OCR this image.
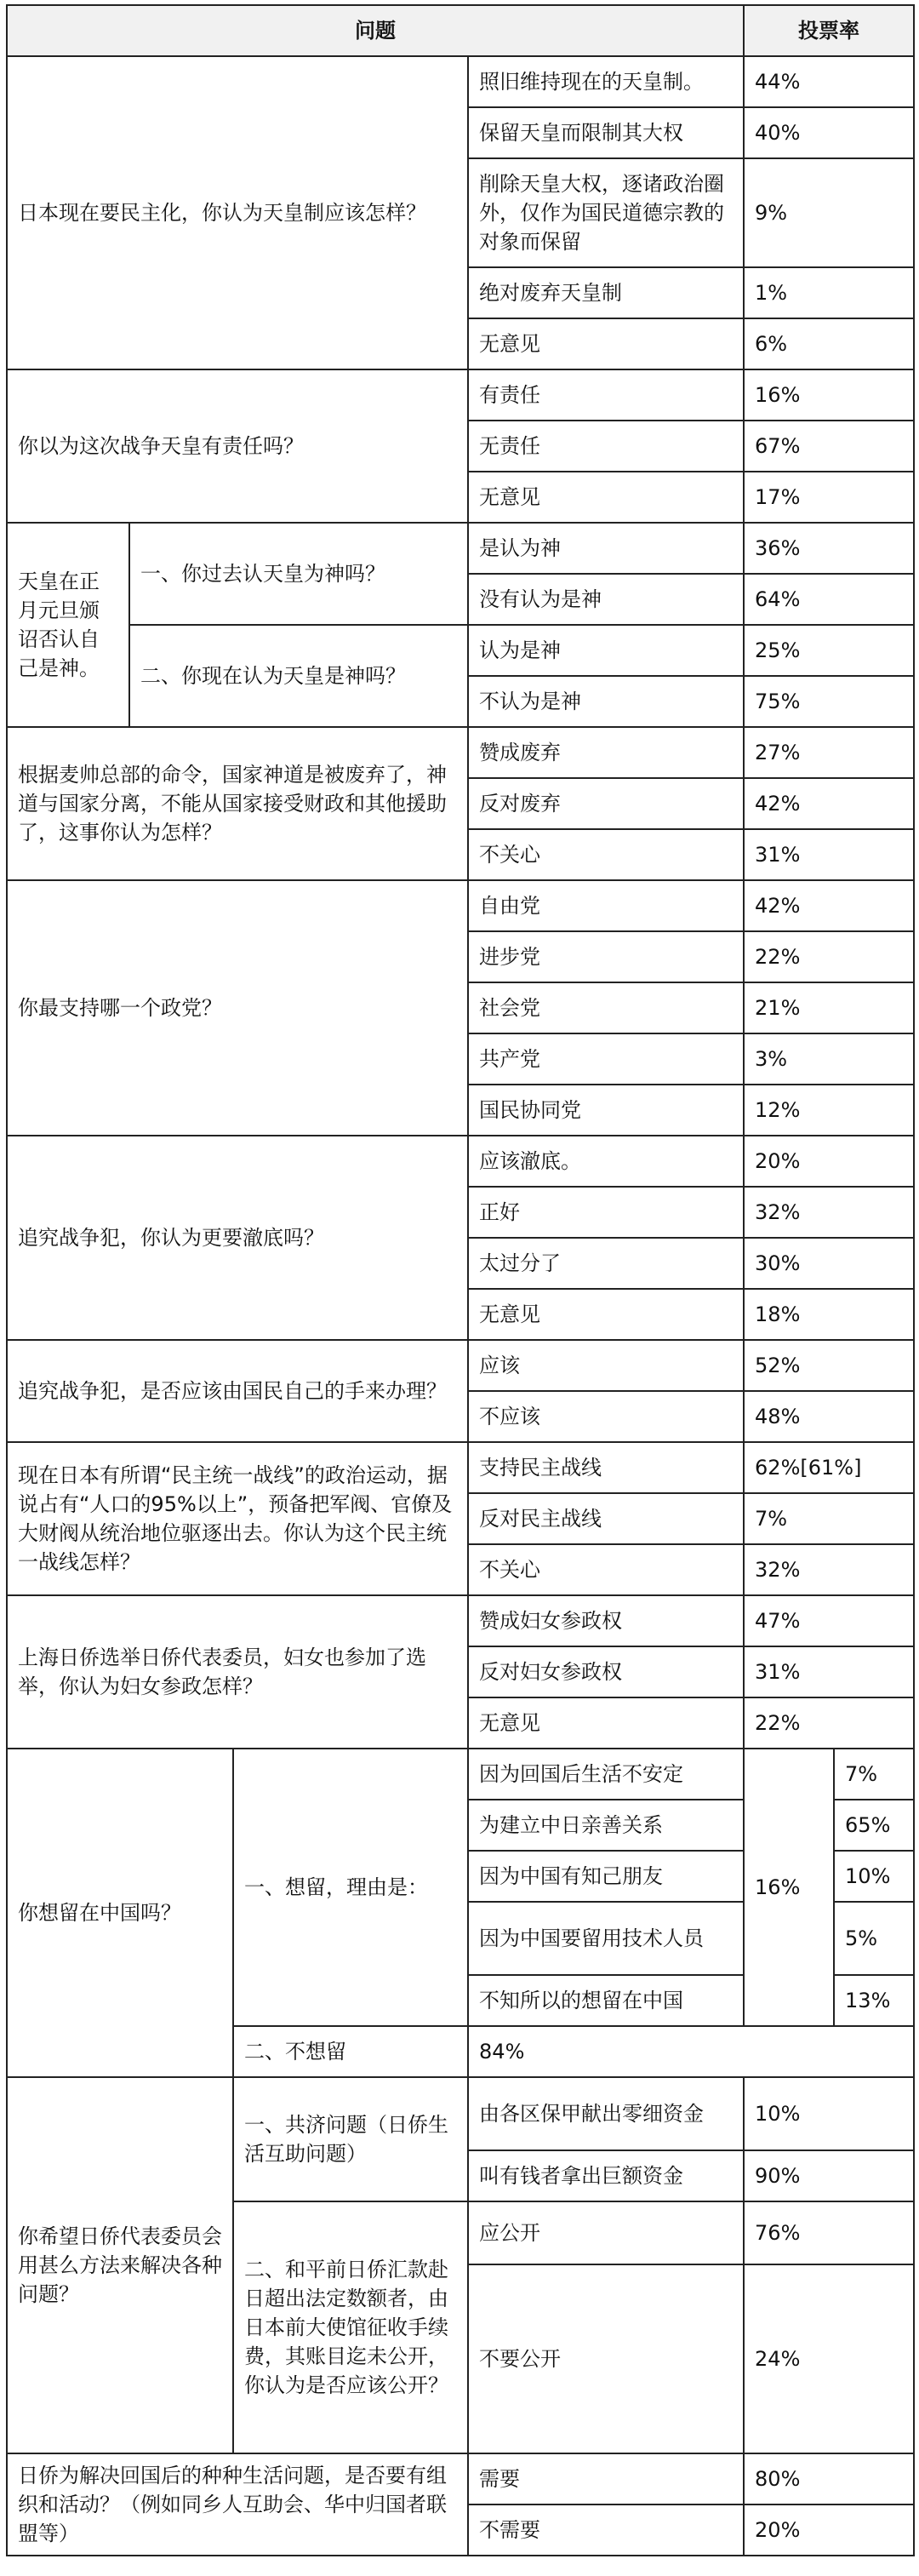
问题	投票率
日本现在要民主化，你认为天皇制应该怎样？			照旧维持现在的天皇制。	44%	
			保留天皇而限制其大权	40%	
			削除天皇大权，逐诸政治圈外，仅作为国民道德宗教的对象而保留	9%	
			绝对废弃天皇制	1%	
			无意见	6%	
你以为这次战争天皇有责任吗？			有责任	16%	
			无责任	67%	
			无意见	17%	
天皇在正月元旦颁诏否认自己是神。	一、你过去认天皇为神吗？		是认为神	36%	
			没有认为是神	64%	
	二、你现在认为天皇是神吗？		认为是神	25%	
			不认为是神	75%	
根据麦帅总部的命令，国家神道是被废弃了，神道与国家分离，不能从国家接受财政和其他援助了，这事你认为怎样？			赞成废弃	27%	
			反对废弃	42%	
			不关心	31%	
你最支持哪一个政党？			自由党	42%	
			进步党	22%	
			社会党	21%	
			共产党	3%	
			国民协同党	12%	
追究战争犯，你认为更要澈底吗？			应该澈底。	20%	
			正好	32%	
			太过分了	30%	
			无意见	18%	
追究战争犯，是否应该由国民自己的手来办理？			应该	52%	
			不应该	48%	
现在日本有所谓“民主统一战线”的政治运动，据说占有“人口的95%以上”，预备把军阀、官僚及大财阀从统治地位驱逐出去。你认为这个民主统一战线怎样？			支持民主战线	62%[61%]	
			反对民主战线	7%	
			不关心	32%	
上海日侨选举日侨代表委员，妇女也参加了选举，你认为妇女参政怎样？			赞成妇女参政权	47%	
			反对妇女参政权	31%	
			无意见	22%	
你想留在中国吗？		一、想留，理由是：	因为回国后生活不安定	16%	7%
			为建立中日亲善关系		65%
			因为中国有知己朋友		10%
			因为中国要留用技术人员		5%
			不知所以的想留在中国		13%
		二、不想留	84%		
你希望日侨代表委员会用甚么方法来解决各种问题？		一、共济问题（日侨生活互助问题）	由各区保甲献出零细资金	10%	
			叫有钱者拿出巨额资金	90%	
		二、和平前日侨汇款赴日超出法定数额者，由日本前大使馆征收手续费，其账目迄未公开，你认为是否应该公开？	应公开	76%	
			不要公开	24%	
日侨为解决回国后的种种生活问题，是否要有组织和活动？（例如同乡人互助会、华中归国者联盟等）			需要	80%	
			不需要	20%	
